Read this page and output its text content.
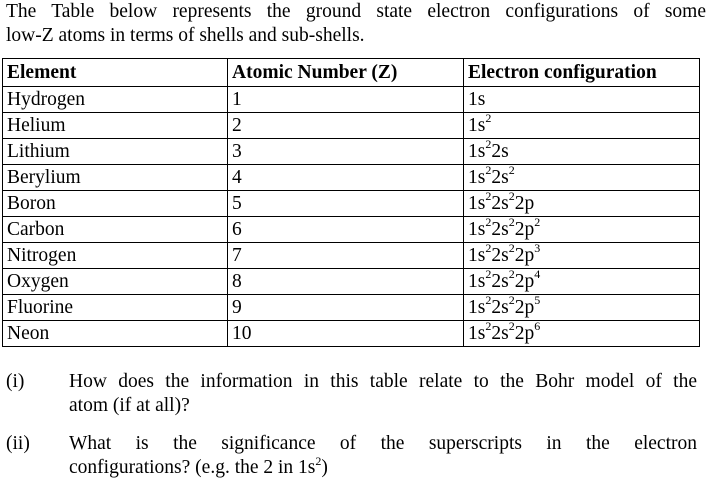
The Table below represents the ground state electron configurations of some
low-Z atoms in terms of shells and sub-shells.
Element	Atomic Number (Z)	Electron configuration
Hydrogen	1	1s
Helium	2	$1s^2$
Lithium	3	$1s^22s$
Berylium	4	$1s^22s^2$
Boron	5	$1s^22s^22p$
Carbon	6	$1s^22s^22p^2$
Nitrogen	7	$1s^22s^22p^3$
Oxygen	8	$1s^22s^22p^4$
Fluorine	9	$1s^22s^22p^5$
Neon	10	$1s^22s^22p^6$
(i) How does the information in this table relate to the Bohr model of the
atom (if at all)?
(ii) What is the significance of the superscripts in the electron
configurations? (e.g. the 2 in $1s^2$)
